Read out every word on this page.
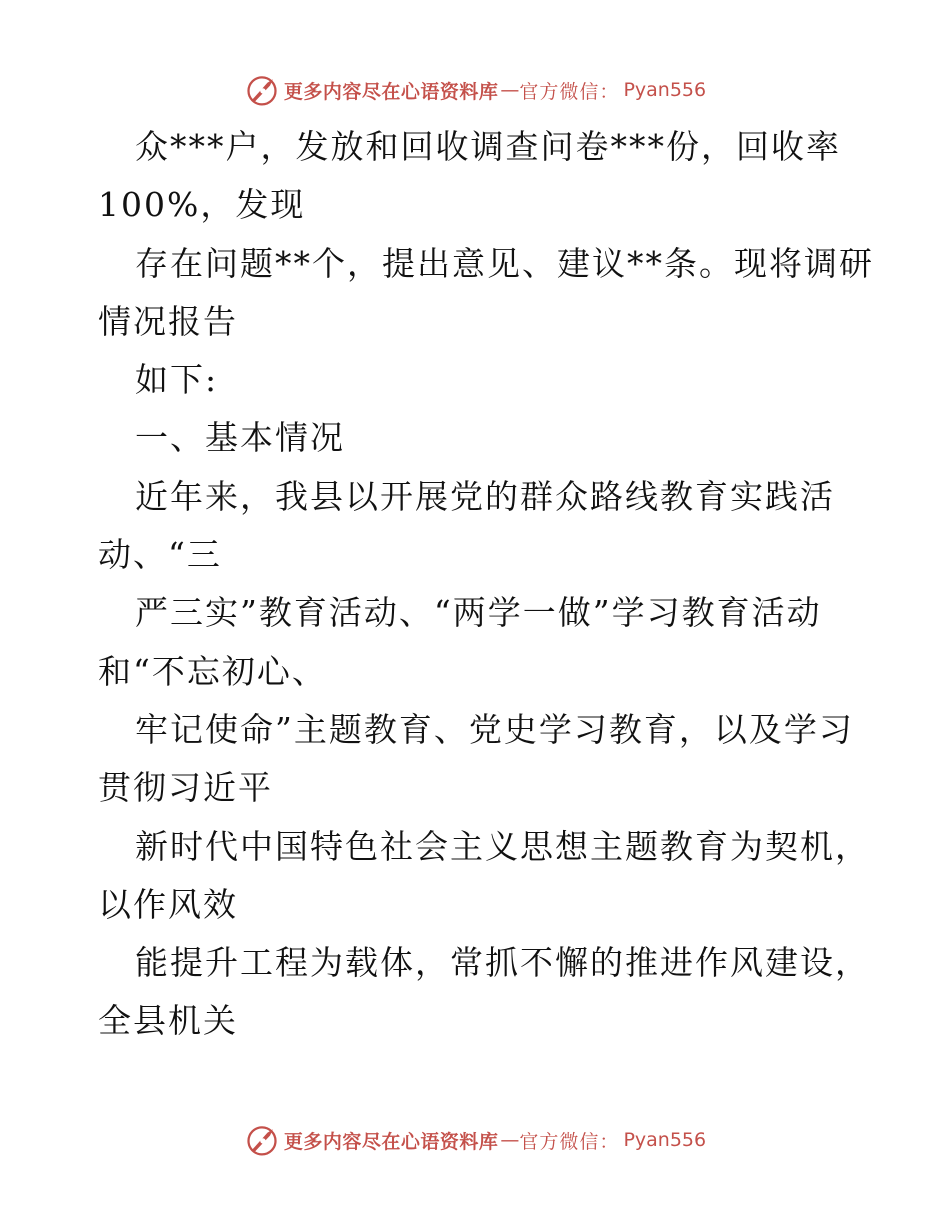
更多内容尽在心语资料库 — 官方微信： Pyan556
众***户，发放和回收调查问卷***份，回收率
100%，发现
存在问题**个，提出意见、建议**条。现将调研
情况报告
如下:
一、基本情况
近年来，我县以开展党的群众路线教育实践活
动、“三
严三实”教育活动、“两学一做”学习教育活动
和“不忘初心、
牢记使命”主题教育、党史学习教育，以及学习
贯彻习近平
新时代中国特色社会主义思想主题教育为契机，
以作风效
能提升工程为载体，常抓不懈的推进作风建设，
全县机关
更多内容尽在心语资料库 — 官方微信： Pyan556
